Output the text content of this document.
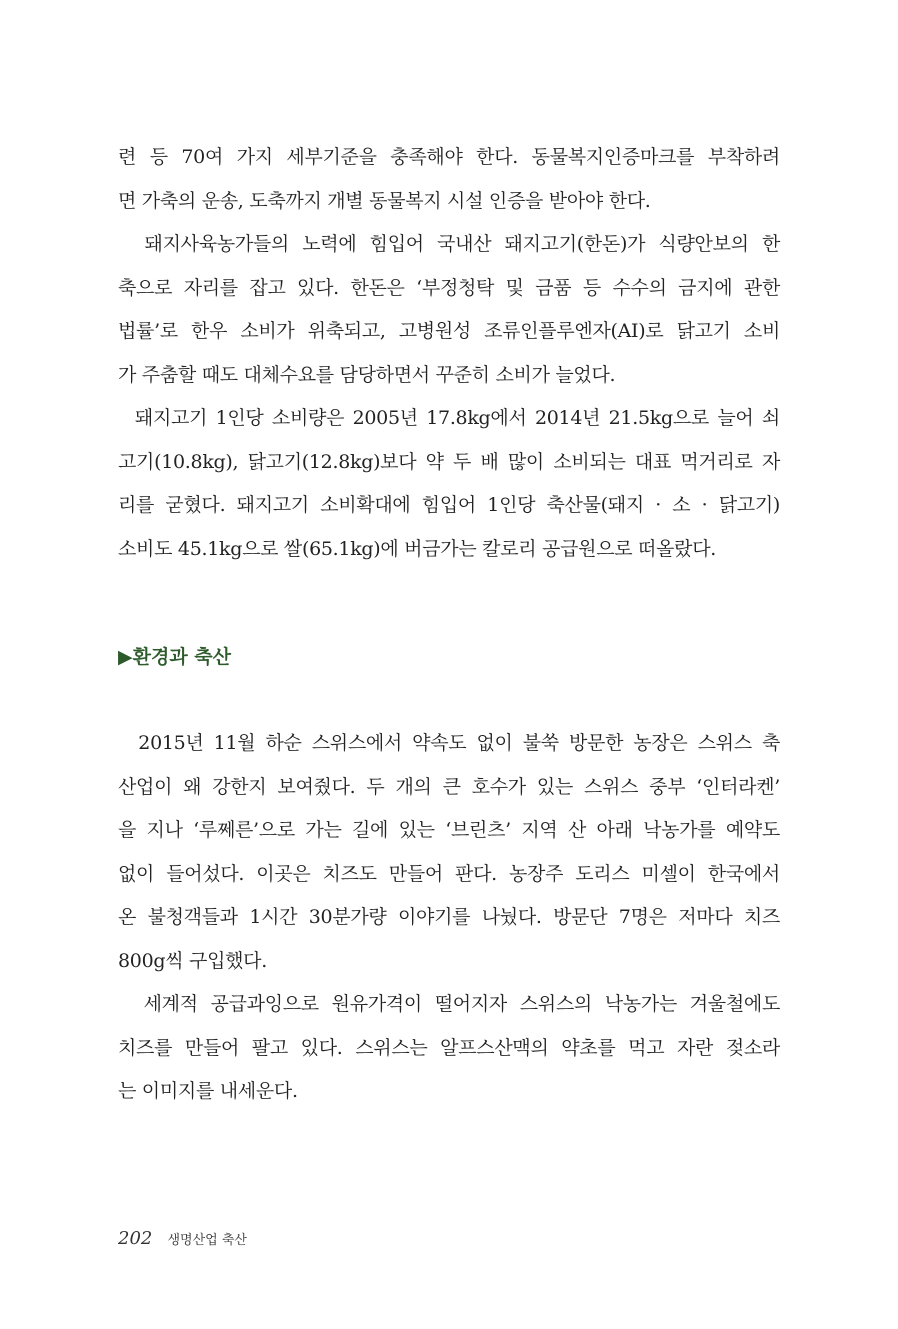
련 등 70여 가지 세부기준을 충족해야 한다. 동물복지인증마크를 부착하려
면 가축의 운송, 도축까지 개별 동물복지 시설 인증을 받아야 한다.
돼지사육농가들의 노력에 힘입어 국내산 돼지고기(한돈)가 식량안보의 한
축으로 자리를 잡고 있다. 한돈은 ‘부정청탁 및 금품 등 수수의 금지에 관한
법률’로 한우 소비가 위축되고, 고병원성 조류인플루엔자(AI)로 닭고기 소비
가 주춤할 때도 대체수요를 담당하면서 꾸준히 소비가 늘었다.
돼지고기 1인당 소비량은 2005년 17.8kg에서 2014년 21.5kg으로 늘어 쇠
고기(10.8kg), 닭고기(12.8kg)보다 약 두 배 많이 소비되는 대표 먹거리로 자
리를 굳혔다. 돼지고기 소비확대에 힘입어 1인당 축산물(돼지 · 소 · 닭고기)
소비도 45.1kg으로 쌀(65.1kg)에 버금가는 칼로리 공급원으로 떠올랐다.
▶환경과 축산
2015년 11월 하순 스위스에서 약속도 없이 불쑥 방문한 농장은 스위스 축
산업이 왜 강한지 보여줬다. 두 개의 큰 호수가 있는 스위스 중부 ‘인터라켄’
을 지나 ‘루쩨른’으로 가는 길에 있는 ‘브린츠’ 지역 산 아래 낙농가를 예약도
없이 들어섰다. 이곳은 치즈도 만들어 판다. 농장주 도리스 미셀이 한국에서
온 불청객들과 1시간 30분가량 이야기를 나눴다. 방문단 7명은 저마다 치즈
800g씩 구입했다.
세계적 공급과잉으로 원유가격이 떨어지자 스위스의 낙농가는 겨울철에도
치즈를 만들어 팔고 있다. 스위스는 알프스산맥의 약초를 먹고 자란 젖소라
는 이미지를 내세운다.
202 생명산업 축산
